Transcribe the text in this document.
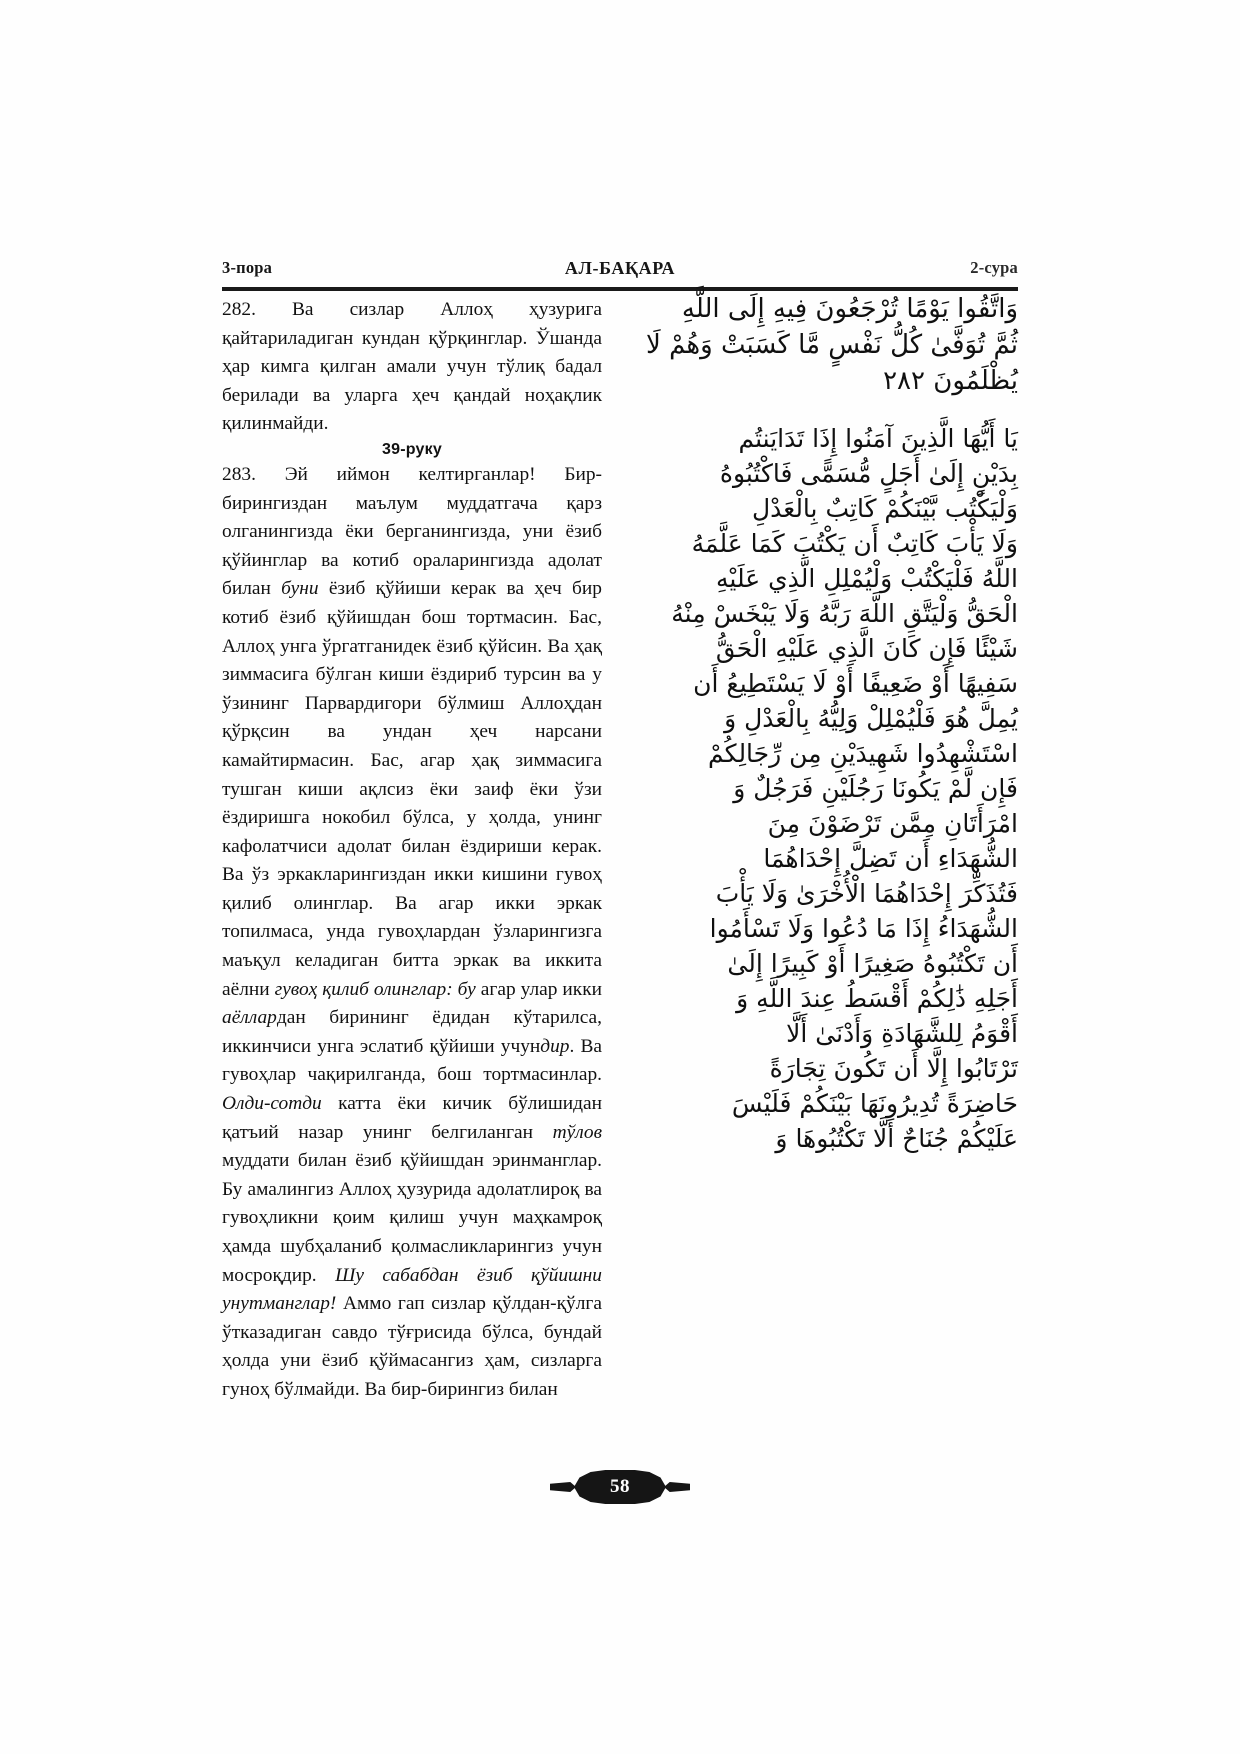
3-пора	АЛ-БАҚАРА	2-сура
282. Ва сизлар Аллоҳ ҳузурига қайтариладиган кундан қўрқинглар. Ўшанда ҳар кимга қилган амали учун тўлиқ бадал берилади ва уларга ҳеч қандай ноҳақлик қилинмайди.
39-руку
283. Эй иймон келтирганлар! Бир-бирингиздан маълум муддатгача қарз олганингизда ёки берганингизда, уни ёзиб қўйинглар ва котиб ораларингизда адолат билан буни ёзиб қўйиши керак ва ҳеч бир котиб ёзиб қўйишдан бош тортмасин. Бас, Аллоҳ унга ўргатганидек ёзиб қўйсин. Ва ҳақ зиммасига бўлган киши ёздириб турсин ва у ўзининг Парвардигори бўлмиш Аллоҳдан қўрқсин ва ундан ҳеч нарсани камайтирмасин. Бас, агар ҳақ зиммасига тушган киши ақлсиз ёки заиф ёки ўзи ёздиришга нокобил бўлса, у ҳолда, унинг кафолатчиси адолат билан ёздириши керак. Ва ўз эркакларингиздан икки кишини гувоҳ қилиб олинглар. Ва агар икки эркак топилмаса, унда гувоҳлардан ўзларингизга маъқул келадиган битта эркак ва иккита аёлни гувоҳ қилиб олинглар: бу агар улар икки аёллардан бирининг ёдидан кўтарилса, иккинчиси унга эслатиб қўйиши учундир. Ва гувоҳлар чақирилганда, бош тортмасинлар. Олди-сотди катта ёки кичик бўлишидан қатъий назар унинг белгиланган тўлов муддати билан ёзиб қўйишдан эринманглар. Бу амалингиз Аллоҳ ҳузурида адолатлироқ ва гувоҳликни қоим қилиш учун маҳкамроқ ҳамда шубҳаланиб қолмасликларингиз учун мосроқдир. Шу сабабдан ёзиб қўйишни унутманглар! Аммо гап сизлар қўлдан-қўлга ўтказадиган савдо тўғрисида бўлса, бундай ҳолда уни ёзиб қўймасангиз ҳам, сизларга гуноҳ бўлмайди. Ва бир-бирингиз билан
وَاتَّقُوا يَوْمًا تُرْجَعُونَ فِيهِ إِلَى اللَّهِ
ثُمَّ تُوَفَّىٰ كُلُّ نَفْسٍ مَّا كَسَبَتْ وَهُمْ لَا
يُظْلَمُونَ ٢٨٢
يَا أَيُّهَا الَّذِينَ آمَنُوا إِذَا تَدَايَنتُم
بِدَيْنٍ إِلَىٰ أَجَلٍ مُّسَمًّى فَاكْتُبُوهُ
وَلْيَكْتُب بَّيْنَكُمْ كَاتِبٌ بِالْعَدْلِ
وَلَا يَأْبَ كَاتِبٌ أَن يَكْتُبَ كَمَا عَلَّمَهُ
اللَّهُ فَلْيَكْتُبْ وَلْيُمْلِلِ الَّذِي عَلَيْهِ
الْحَقُّ وَلْيَتَّقِ اللَّهَ رَبَّهُ وَلَا يَبْخَسْ مِنْهُ
شَيْئًا فَإِن كَانَ الَّذِي عَلَيْهِ الْحَقُّ
سَفِيهًا أَوْ ضَعِيفًا أَوْ لَا يَسْتَطِيعُ أَن
يُمِلَّ هُوَ فَلْيُمْلِلْ وَلِيُّهُ بِالْعَدْلِ وَ
اسْتَشْهِدُوا شَهِيدَيْنِ مِن رِّجَالِكُمْ
فَإِن لَّمْ يَكُونَا رَجُلَيْنِ فَرَجُلٌ وَ
امْرَأَتَانِ مِمَّن تَرْضَوْنَ مِنَ
الشُّهَدَاءِ أَن تَضِلَّ إِحْدَاهُمَا
فَتُذَكِّرَ إِحْدَاهُمَا الْأُخْرَىٰ وَلَا يَأْبَ
الشُّهَدَاءُ إِذَا مَا دُعُوا وَلَا تَسْأَمُوا
أَن تَكْتُبُوهُ صَغِيرًا أَوْ كَبِيرًا إِلَىٰ
أَجَلِهِ ذَٰلِكُمْ أَقْسَطُ عِندَ اللَّهِ وَ
أَقْوَمُ لِلشَّهَادَةِ وَأَدْنَىٰ أَلَّا
تَرْتَابُوا إِلَّا أَن تَكُونَ تِجَارَةً
حَاضِرَةً تُدِيرُونَهَا بَيْنَكُمْ فَلَيْسَ
عَلَيْكُمْ جُنَاحٌ أَلَّا تَكْتُبُوهَا وَ
58
